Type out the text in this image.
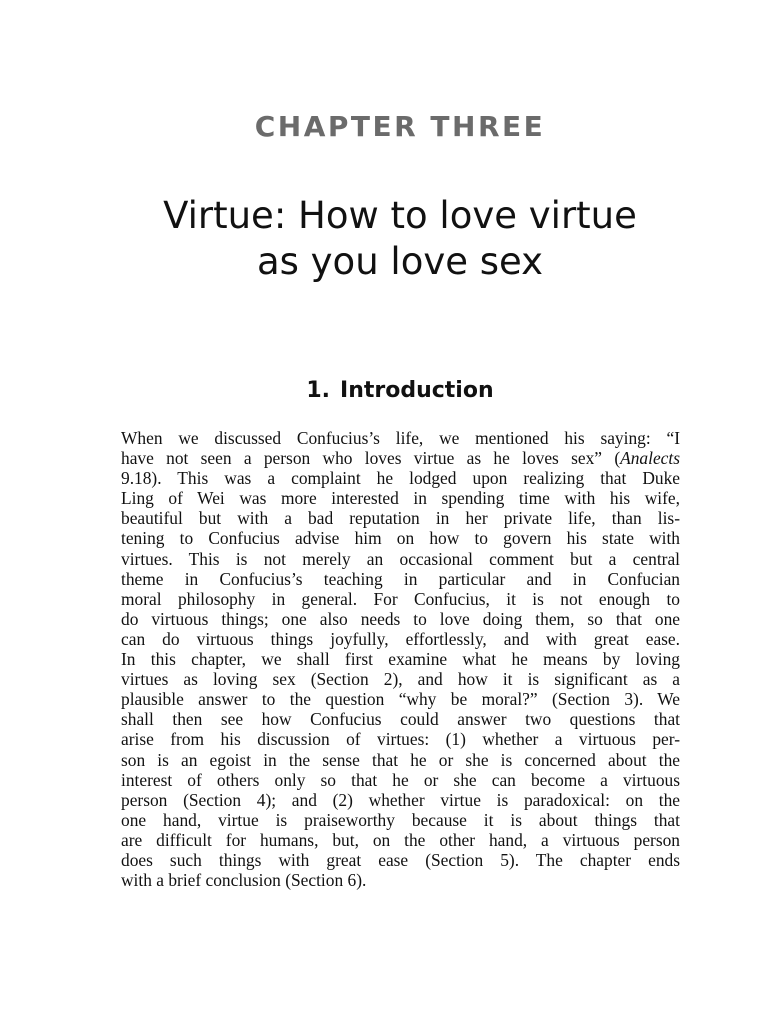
CHAPTER THREE
Virtue: How to love virtue
as you love sex
1. Introduction
When we discussed Confucius’s life, we mentioned his saying: “I
have not seen a person who loves virtue as he loves sex” (Analects
9.18). This was a complaint he lodged upon realizing that Duke
Ling of Wei was more interested in spending time with his wife,
beautiful but with a bad reputation in her private life, than lis-
tening to Confucius advise him on how to govern his state with
virtues. This is not merely an occasional comment but a central
theme in Confucius’s teaching in particular and in Confucian
moral philosophy in general. For Confucius, it is not enough to
do virtuous things; one also needs to love doing them, so that one
can do virtuous things joyfully, effortlessly, and with great ease.
In this chapter, we shall first examine what he means by loving
virtues as loving sex (Section 2), and how it is significant as a
plausible answer to the question “why be moral?” (Section 3). We
shall then see how Confucius could answer two questions that
arise from his discussion of virtues: (1) whether a virtuous per-
son is an egoist in the sense that he or she is concerned about the
interest of others only so that he or she can become a virtuous
person (Section 4); and (2) whether virtue is paradoxical: on the
one hand, virtue is praiseworthy because it is about things that
are difficult for humans, but, on the other hand, a virtuous person
does such things with great ease (Section 5). The chapter ends
with a brief conclusion (Section 6).
